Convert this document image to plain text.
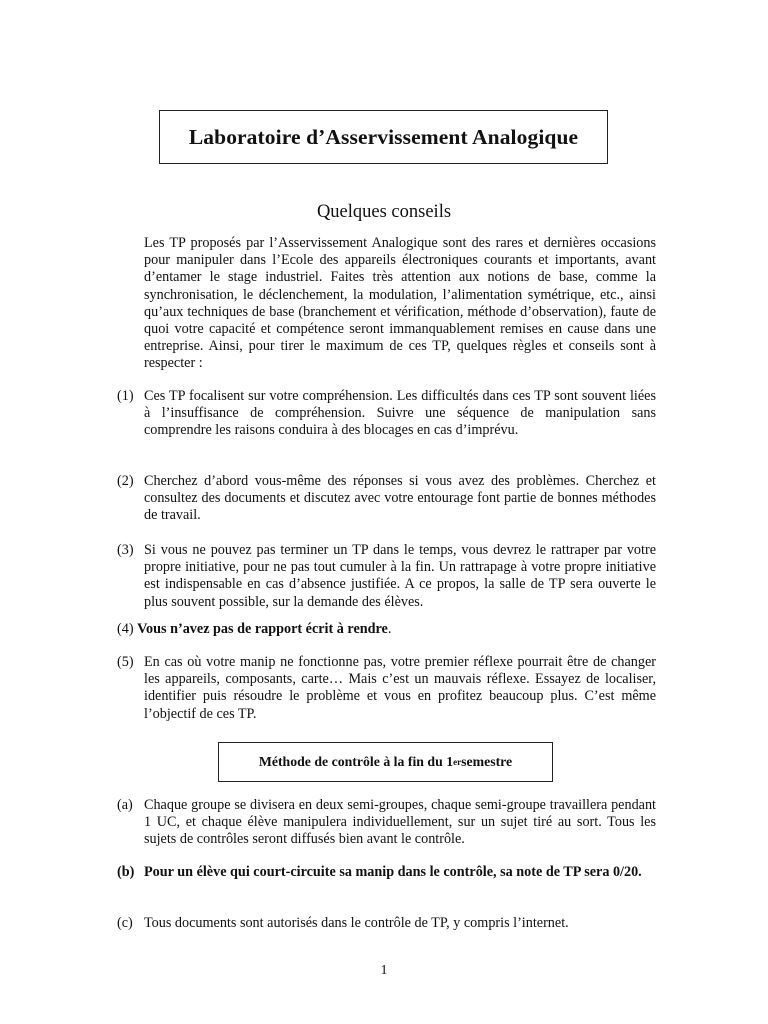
Laboratoire d’Asservissement Analogique
Quelques conseils

Les TP proposés par l’Asservissement Analogique sont des rares et dernières occasions pour manipuler dans l’Ecole des appareils électroniques courants et importants, avant d’entamer le stage industriel. Faites très attention aux notions de base, comme la synchronisation, le déclenchement, la modulation, l’alimentation symétrique, etc., ainsi qu’aux techniques de base (branchement et vérification, méthode d’observation), faute de quoi votre capacité et compétence seront immanquablement remises en cause dans une entreprise. Ainsi, pour tirer le maximum de ces TP, quelques règles et conseils sont à respecter :

(1) Ces TP focalisent sur votre compréhension. Les difficultés dans ces TP sont souvent liées à l’insuffisance de compréhension. Suivre une séquence de manipulation sans comprendre les raisons conduira à des blocages en cas d’imprévu.
(2) Cherchez d’abord vous-même des réponses si vous avez des problèmes. Cherchez et consultez des documents et discutez avec votre entourage font partie de bonnes méthodes de travail.
(3) Si vous ne pouvez pas terminer un TP dans le temps, vous devrez le rattraper par votre propre initiative, pour ne pas tout cumuler à la fin. Un rattrapage à votre propre initiative est indispensable en cas d’absence justifiée. A ce propos, la salle de TP sera ouverte le plus souvent possible, sur la demande des élèves.
(4) Vous n’avez pas de rapport écrit à rendre.
(5) En cas où votre manip ne fonctionne pas, votre premier réflexe pourrait être de changer les appareils, composants, carte… Mais c’est un mauvais réflexe. Essayez de localiser, identifier puis résoudre le problème et vous en profitez beaucoup plus. C’est même l’objectif de ces TP.
Méthode de contrôle à la fin du 1 er semestre
(a) Chaque groupe se divisera en deux semi-groupes, chaque semi-groupe travaillera pendant 1 UC, et chaque élève manipulera individuellement, sur un sujet tiré au sort. Tous les sujets de contrôles seront diffusés bien avant le contrôle.
(b) Pour un élève qui court-circuite sa manip dans le contrôle, sa note de TP sera 0/20.
(c) Tous documents sont autorisés dans le contrôle de TP, y compris l’internet.
1
